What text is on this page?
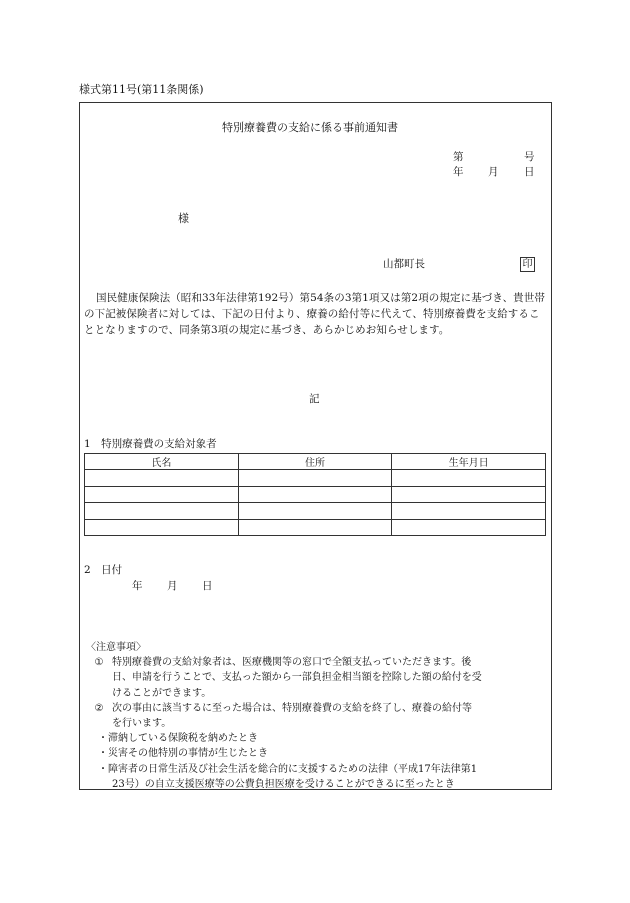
様式第11号(第11条関係)
特別療養費の支給に係る事前通知書
第	号
年 月 日
様
山都町長	印
国民健康保険法（昭和33年法律第192号）第54条の3第1項又は第2項の規定に基づき、貴世帯の下記被保険者に対しては、下記の日付より、療養の給付等に代えて、特別療養費を支給することとなりますので、同条第3項の規定に基づき、あらかじめお知らせします。
記
1　特別療養費の支給対象者
氏名	住所	生年月日

2　日付
年 月 日
〈注意事項〉
① 特別療養費の支給対象者は、医療機関等の窓口で全額支払っていただきます。後
日、申請を行うことで、支払った額から一部負担金相当額を控除した額の給付を受
けることができます。
② 次の事由に該当するに至った場合は、特別療養費の支給を終了し、療養の給付等
を行います。
・滞納している保険税を納めたとき
・災害その他特別の事情が生じたとき
・障害者の日常生活及び社会生活を総合的に支援するための法律（平成17年法律第1
23号）の自立支援医療等の公費負担医療を受けることができるに至ったとき
